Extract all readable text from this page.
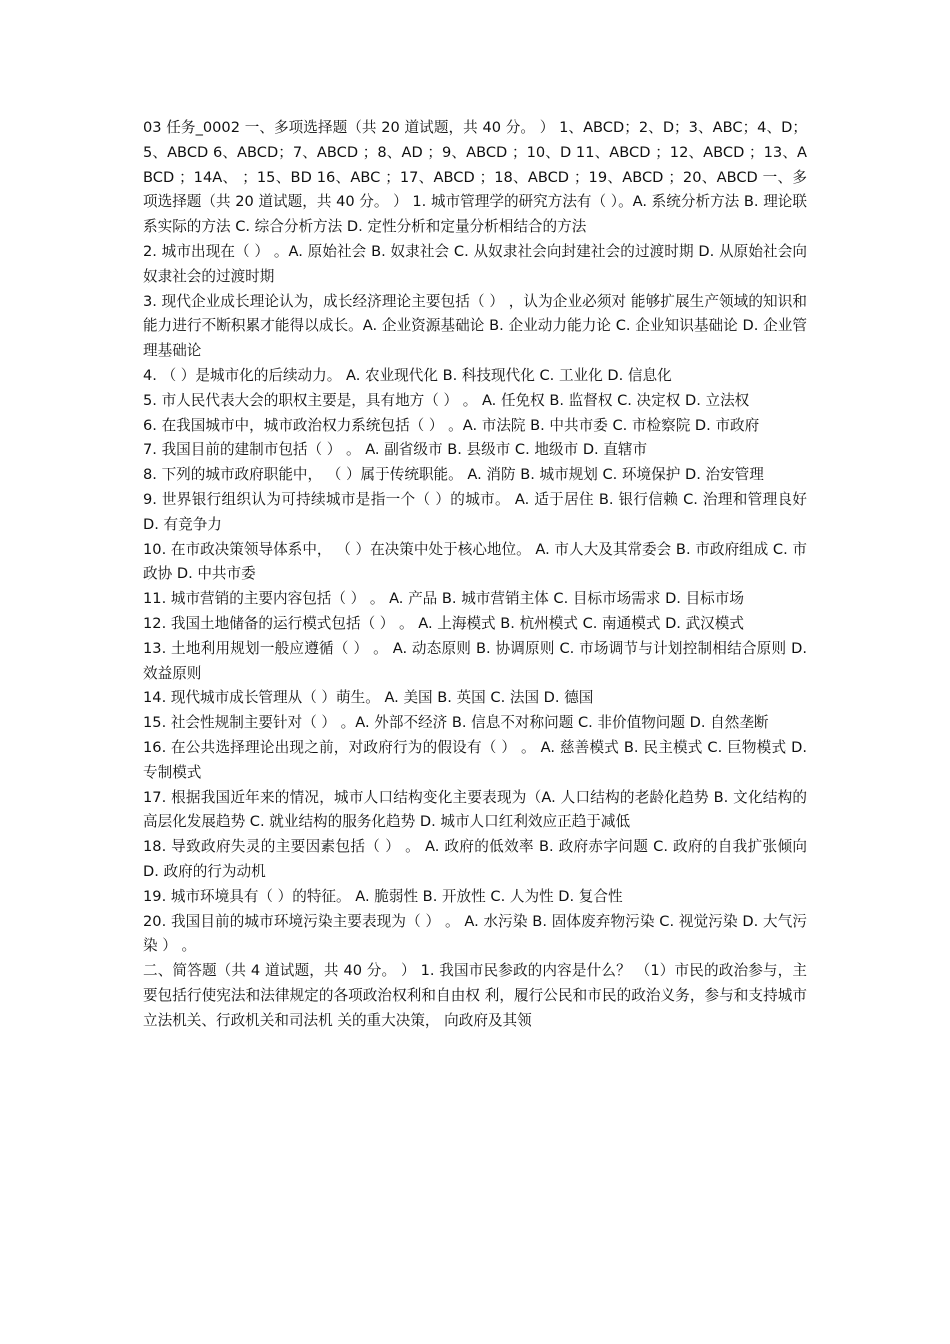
03 任务_0002 一、多项选择题（共 20 道试题，共 40 分。 ） 1、ABCD；2、D；3、ABC；4、D；5、ABCD 6、ABCD；7、ABCD ；8、AD ；9、ABCD ；10、D 11、ABCD ；12、ABCD ；13、ABCD ；14A、 ；15、BD 16、ABC ；17、ABCD ；18、ABCD ；19、ABCD ；20、ABCD 一、多项选择题（共 20 道试题，共 40 分。 ） 1. 城市管理学的研究方法有（ ）。A. 系统分析方法 B. 理论联系实际的方法 C. 综合分析方法 D. 定性分析和定量分析相结合的方法

2. 城市出现在（ ） 。A. 原始社会 B. 奴隶社会 C. 从奴隶社会向封建社会的过渡时期 D. 从原始社会向奴隶社会的过渡时期

3. 现代企业成长理论认为，成长经济理论主要包括（ ） ，认为企业必须对 能够扩展生产领域的知识和能力进行不断积累才能得以成长。A. 企业资源基础论 B. 企业动力能力论 C. 企业知识基础论 D. 企业管理基础论

4. （ ）是城市化的后续动力。 A. 农业现代化 B. 科技现代化 C. 工业化 D. 信息化

5. 市人民代表大会的职权主要是，具有地方（ ） 。 A. 任免权 B. 监督权 C. 决定权 D. 立法权

6. 在我国城市中，城市政治权力系统包括（ ） 。A. 市法院 B. 中共市委 C. 市检察院 D. 市政府

7. 我国目前的建制市包括（ ） 。 A. 副省级市 B. 县级市 C. 地级市 D. 直辖市

8. 下列的城市政府职能中， （ ）属于传统职能。 A. 消防 B. 城市规划 C. 环境保护 D. 治安管理

9. 世界银行组织认为可持续城市是指一个（ ）的城市。 A. 适于居住 B. 银行信赖 C. 治理和管理良好 D. 有竞争力

10. 在市政决策领导体系中， （ ）在决策中处于核心地位。 A. 市人大及其常委会 B. 市政府组成 C. 市政协 D. 中共市委

11. 城市营销的主要内容包括（ ） 。 A. 产品 B. 城市营销主体 C. 目标市场需求 D. 目标市场

12. 我国土地储备的运行模式包括（ ） 。 A. 上海模式 B. 杭州模式 C. 南通模式 D. 武汉模式

13. 土地利用规划一般应遵循（ ） 。 A. 动态原则 B. 协调原则 C. 市场调节与计划控制相结合原则 D. 效益原则

14. 现代城市成长管理从（ ）萌生。 A. 美国 B. 英国 C. 法国 D. 德国

15. 社会性规制主要针对（ ） 。A. 外部不经济 B. 信息不对称问题 C. 非价值物问题 D. 自然垄断

16. 在公共选择理论出现之前，对政府行为的假设有（ ） 。 A. 慈善模式 B. 民主模式 C. 巨物模式 D. 专制模式

17. 根据我国近年来的情况，城市人口结构变化主要表现为（A. 人口结构的老龄化趋势 B. 文化结构的高层化发展趋势 C. 就业结构的服务化趋势 D. 城市人口红利效应正趋于减低

18. 导致政府失灵的主要因素包括（ ） 。 A. 政府的低效率 B. 政府赤字问题 C. 政府的自我扩张倾向 D. 政府的行为动机

19. 城市环境具有（ ）的特征。 A. 脆弱性 B. 开放性 C. 人为性 D. 复合性

20. 我国目前的城市环境污染主要表现为（ ） 。 A. 水污染 B. 固体废弃物污染 C. 视觉污染 D. 大气污染 ） 。

二、简答题（共 4 道试题，共 40 分。 ） 1. 我国市民参政的内容是什么？ （1）市民的政治参与，主要包括行使宪法和法律规定的各项政治权利和自由权 利，履行公民和市民的政治义务，参与和支持城市立法机关、行政机关和司法机 关的重大决策， 向政府及其领
